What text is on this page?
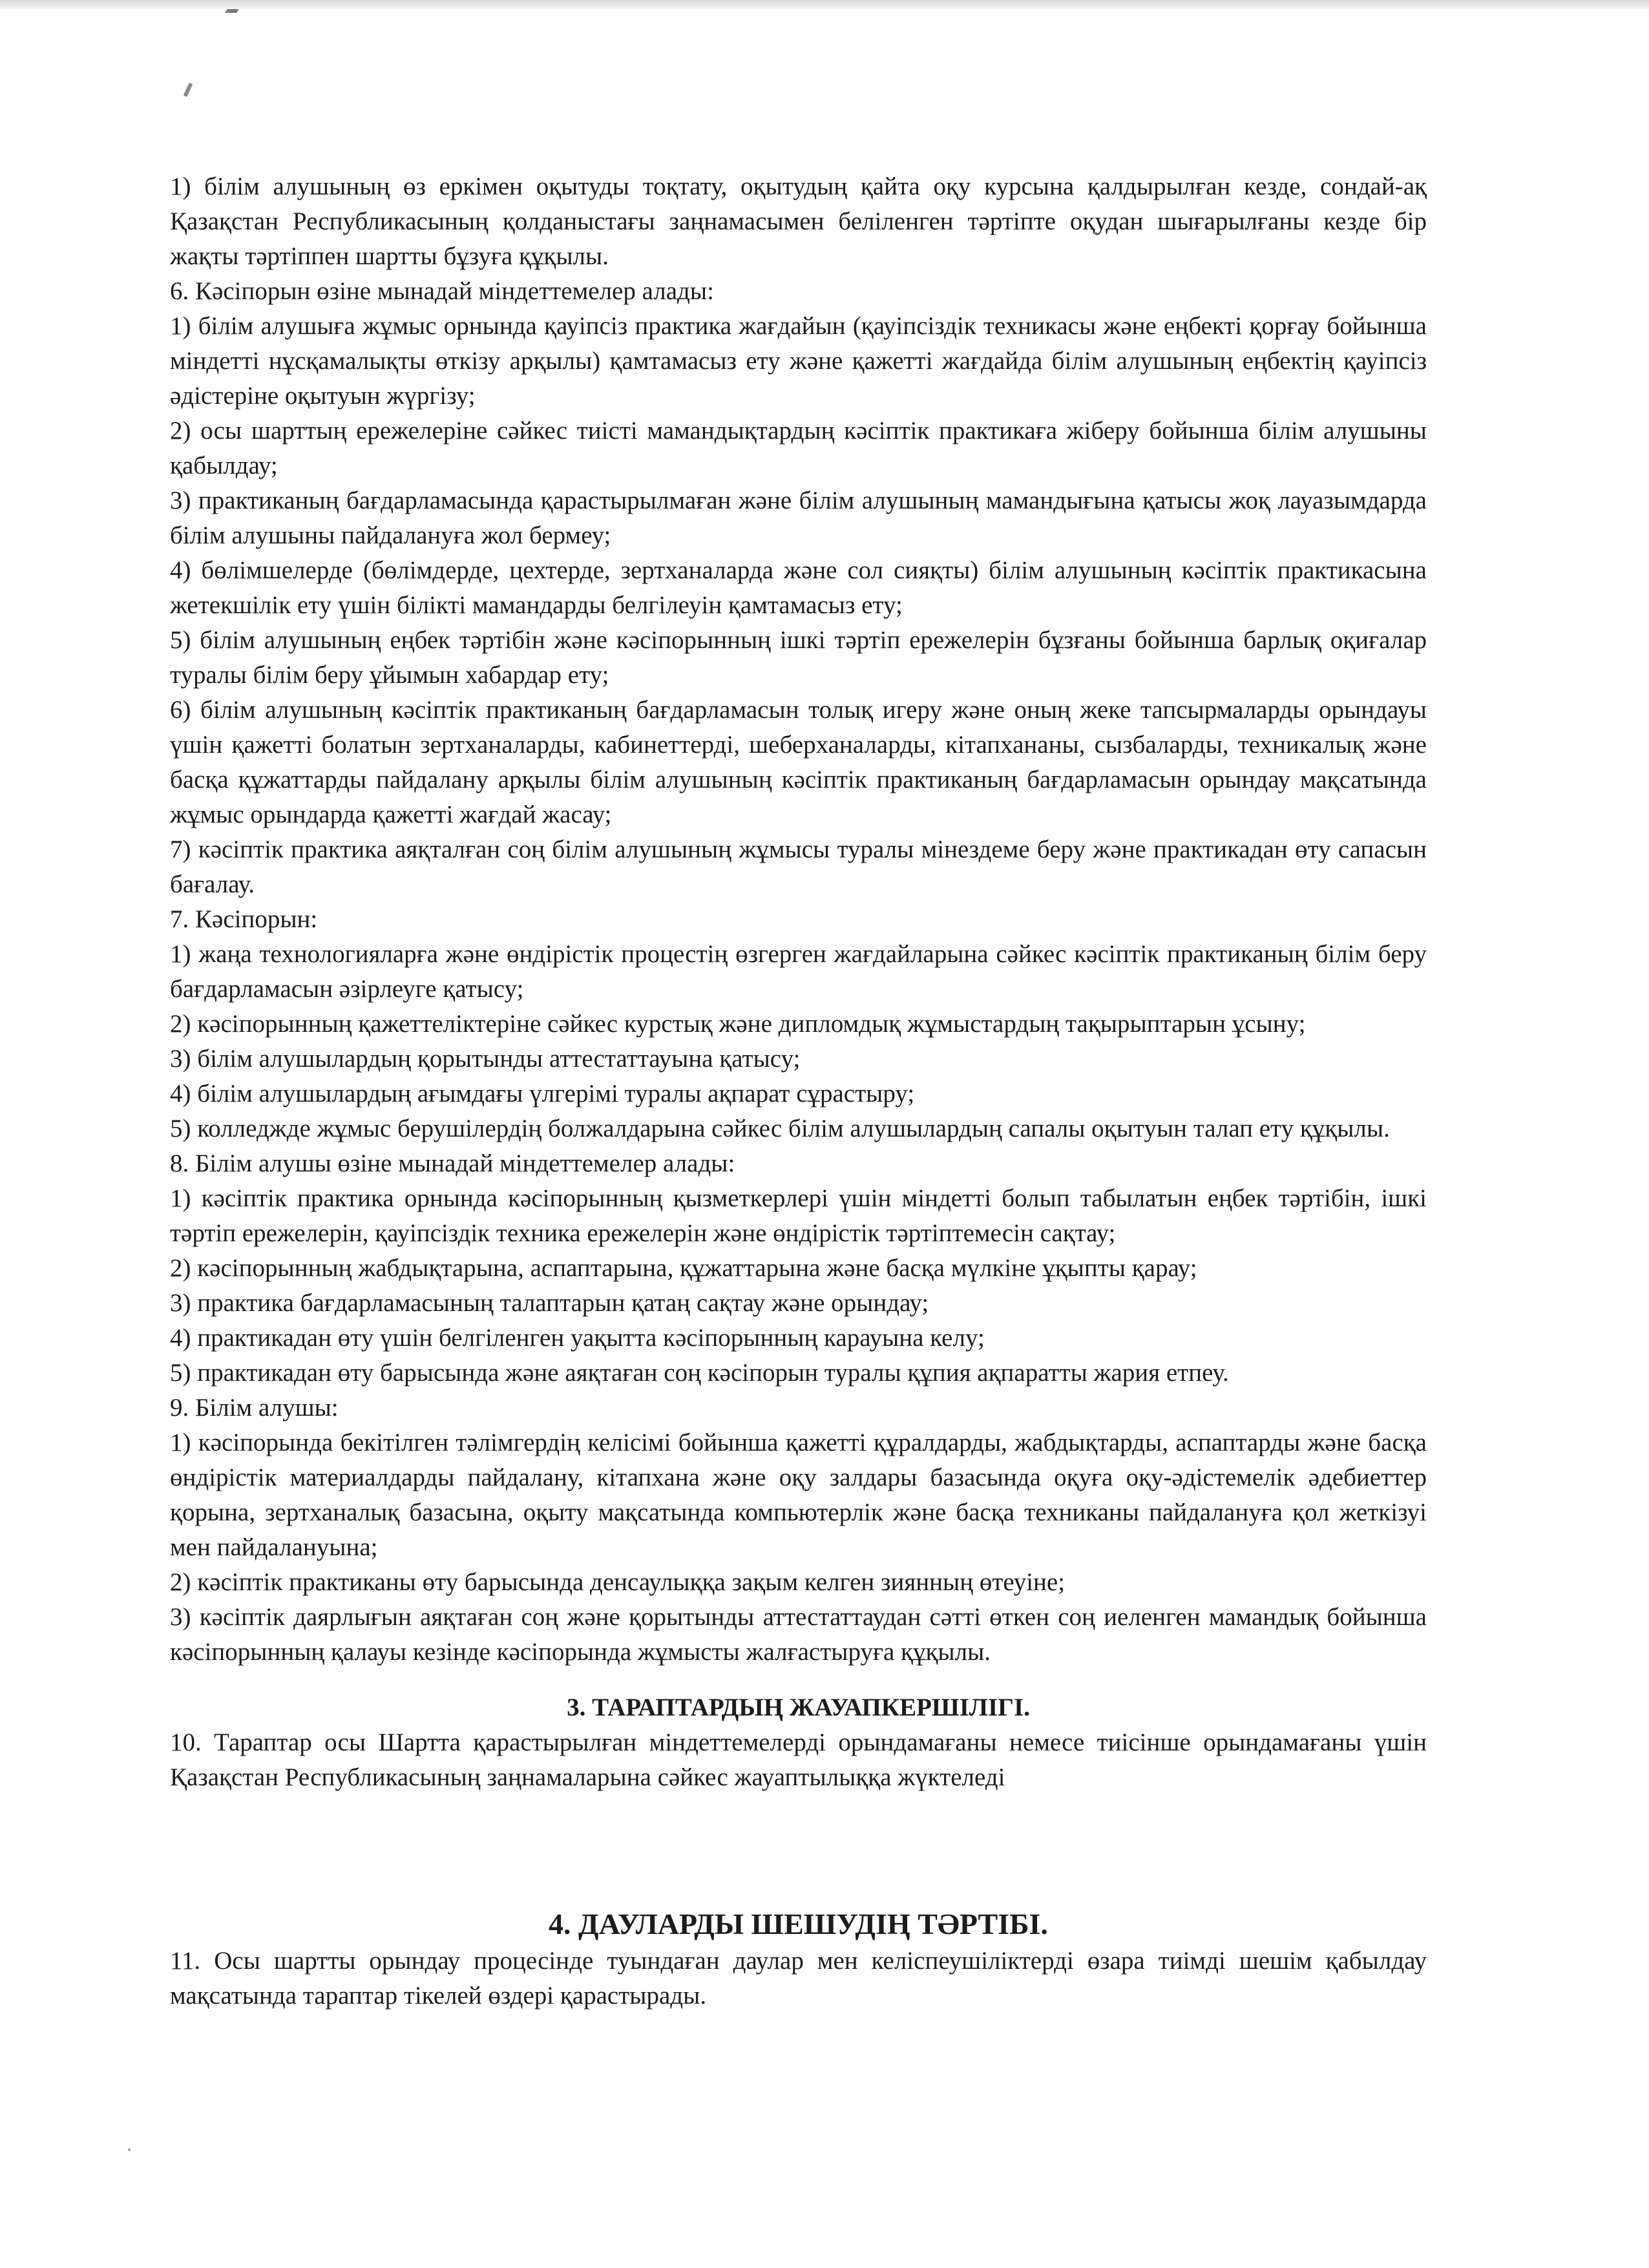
1) білім алушының өз еркімен оқытуды тоқтату, оқытудың қайта оқу курсына қалдырылған кезде, сондай-ақ Қазақстан Республикасының қолданыстағы заңнамасымен беліленген тәртіпте оқудан шығарылғаны кезде бір жақты тәртіппен шартты бұзуға құқылы.

6. Кәсіпорын өзіне мынадай міндеттемелер алады:

1) білім алушыға жұмыс орнында қауіпсіз практика жағдайын (қауіпсіздік техникасы және еңбекті қорғау бойынша міндетті нұсқамалықты өткізу арқылы) қамтамасыз ету және қажетті жағдайда білім алушының еңбектің қауіпсіз әдістеріне оқытуын жүргізу;

2) осы шарттың ережелеріне сәйкес тиісті мамандықтардың кәсіптік практикаға жіберу бойынша білім алушыны қабылдау;

3) практиканың бағдарламасында қарастырылмаған және білім алушының мамандығына қатысы жоқ лауазымдарда білім алушыны пайдалануға жол бермеу;

4) бөлімшелерде (бөлімдерде, цехтерде, зертханаларда және сол сияқты) білім алушының кәсіптік практикасына жетекшілік ету үшін білікті мамандарды белгілеуін қамтамасыз ету;

5) білім алушының еңбек тәртібін және кәсіпорынның ішкі тәртіп ережелерін бұзғаны бойынша барлық оқиғалар туралы білім беру ұйымын хабардар ету;

6) білім алушының кәсіптік практиканың бағдарламасын толық игеру және оның жеке тапсырмаларды орындауы үшін қажетті болатын зертханаларды, кабинеттерді, шеберханаларды, кітапхананы, сызбаларды, техникалық және басқа құжаттарды пайдалану арқылы білім алушының кәсіптік практиканың бағдарламасын орындау мақсатында жұмыс орындарда қажетті жағдай жасау;

7) кәсіптік практика аяқталған соң білім алушының жұмысы туралы мінездеме беру және практикадан өту сапасын бағалау.

7. Кәсіпорын:

1) жаңа технологияларға және өндірістік процестің өзгерген жағдайларына сәйкес кәсіптік практиканың білім беру бағдарламасын әзірлеуге қатысу;

2) кәсіпорынның қажеттеліктеріне сәйкес курстық және дипломдық жұмыстардың тақырыптарын ұсыну;

3) білім алушылардың қорытынды аттестаттауына қатысу;

4) білім алушылардың ағымдағы үлгерімі туралы ақпарат сұрастыру;

5) колледжде жұмыс берушілердің болжалдарына сәйкес білім алушылардың сапалы оқытуын талап ету құқылы.

8. Білім алушы өзіне мынадай міндеттемелер алады:

1) кәсіптік практика орнында кәсіпорынның қызметкерлері үшін міндетті болып табылатын еңбек тәртібін, ішкі тәртіп ережелерін, қауіпсіздік техника ережелерін және өндірістік тәртіптемесін сақтау;

2) кәсіпорынның жабдықтарына, аспаптарына, құжаттарына және басқа мүлкіне ұқыпты қарау;

3) практика бағдарламасының талаптарын қатаң сақтау және орындау;

4) практикадан өту үшін белгіленген уақытта кәсіпорынның карауына келу;

5) практикадан өту барысында және аяқтаған соң кәсіпорын туралы құпия ақпаратты жария етпеу.

9. Білім алушы:

1) кәсіпорында бекітілген тәлімгердің келісімі бойынша қажетті құралдарды, жабдықтарды, аспаптарды және басқа өндірістік материалдарды пайдалану, кітапхана және оқу залдары базасында оқуға оқу-әдістемелік әдебиеттер қорына, зертханалық базасына, оқыту мақсатында компьютерлік және басқа техниканы пайдалануға қол жеткізуі мен пайдалануына;

2) кәсіптік практиканы өту барысында денсаулыққа зақым келген зиянның өтеуіне;

3) кәсіптік даярлығын аяқтаған соң және қорытынды аттестаттаудан сәтті өткен соң иеленген мамандық бойынша кәсіпорынның қалауы кезінде кәсіпорында жұмысты жалғастыруға құқылы.

3. ТАРАПТАРДЫҢ ЖАУАПКЕРШІЛІГІ.

10. Тараптар осы Шартта қарастырылған міндеттемелерді орындамағаны немесе тиісінше орындамағаны үшін Қазақстан Республикасының заңнамаларына сәйкес жауаптылыққа жүктеледі

4. ДАУЛАРДЫ ШЕШУДІҢ ТӘРТІБІ.

11. Осы шартты орындау процесінде туындаған даулар мен келіспеушіліктерді өзара тиімді шешім қабылдау мақсатында тараптар тікелей өздері қарастырады.
